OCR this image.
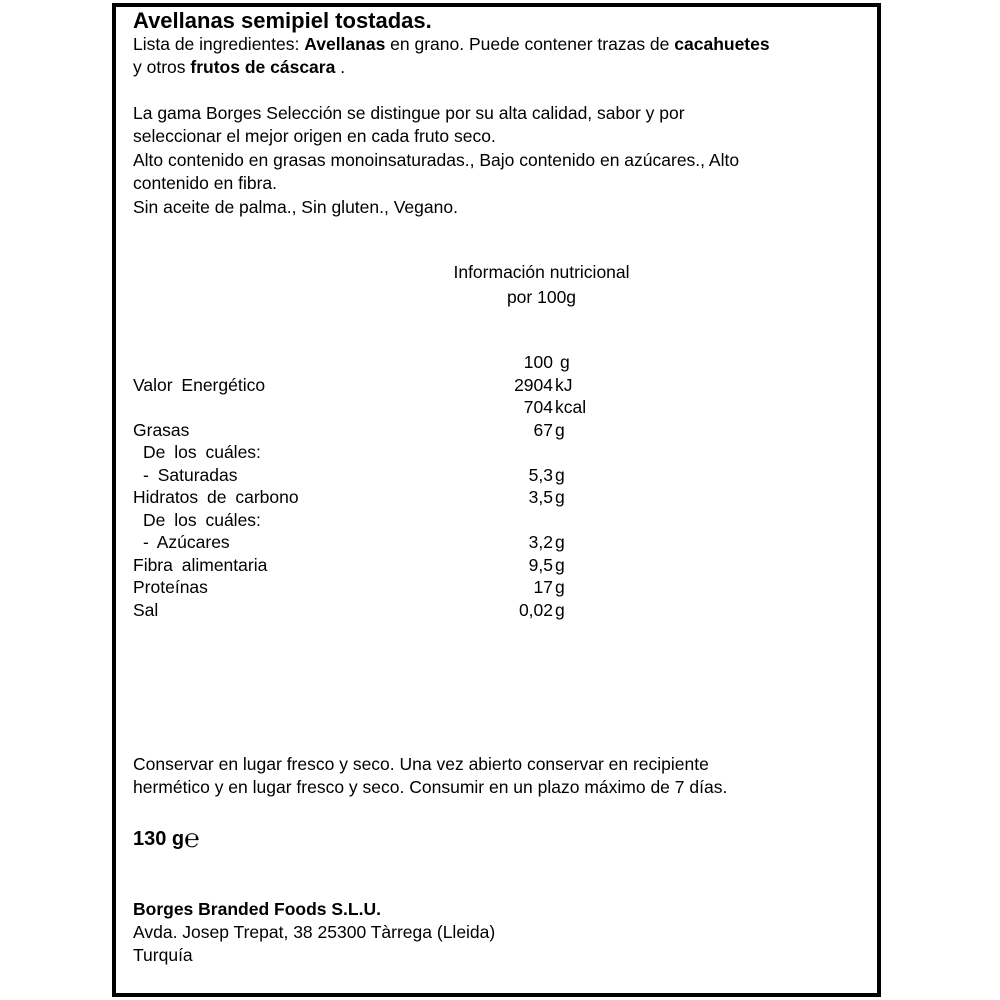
Avellanas semipiel tostadas.

Lista de ingredientes: Avellanas en grano. Puede contener trazas de cacahuetes
y otros frutos de cáscara .

La gama Borges Selección se distingue por su alta calidad, sabor y por
seleccionar el mejor origen en cada fruto seco.
Alto contenido en grasas monoinsaturadas., Bajo contenido en azúcares., Alto
contenido en fibra.
Sin aceite de palma., Sin gluten., Vegano.

Información nutricional
por 100g

100 g
Valor Energético	2904 kJ
704 kcal
Grasas	67 g
De los cuáles:
- Saturadas	5,3 g
Hidratos de carbono	3,5 g
De los cuáles:
- Azúcares	3,2 g
Fibra alimentaria	9,5 g
Proteínas	17 g
Sal	0,02 g

Conservar en lugar fresco y seco. Una vez abierto conservar en recipiente
hermético y en lugar fresco y seco. Consumir en un plazo máximo de 7 días.

130 g℮

Borges Branded Foods S.L.U.
Avda. Josep Trepat, 38 25300 Tàrrega (Lleida)
Turquía
